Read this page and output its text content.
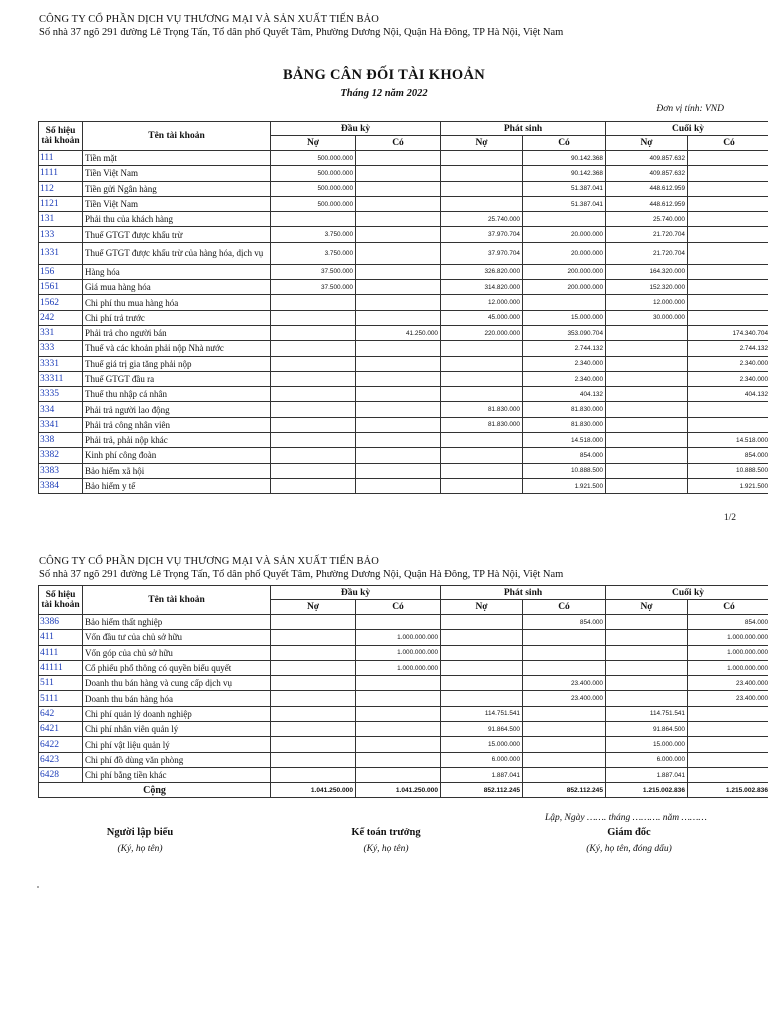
CÔNG TY CỔ PHẦN DỊCH VỤ THƯƠNG MẠI VÀ SẢN XUẤT TIẾN BẢO
Số nhà 37 ngõ 291 đường Lê Trọng Tấn, Tổ dân phố Quyết Tâm, Phường Dương Nội, Quận Hà Đông, TP Hà Nội, Việt Nam
BẢNG CÂN ĐỐI TÀI KHOẢN
Tháng 12 năm 2022
Đơn vị tính: VND
Số hiệu tài khoản	Tên tài khoản	Đầu kỳ		Phát sinh		Cuối kỳ	
		Nợ	Có	Nợ	Có	Nợ	Có
111	Tiền mặt	500.000.000			90.142.368	409.857.632	
1111	Tiền Việt Nam	500.000.000			90.142.368	409.857.632	
112	Tiền gửi Ngân hàng	500.000.000			51.387.041	448.612.959	
1121	Tiền Việt Nam	500.000.000			51.387.041	448.612.959	
131	Phải thu của khách hàng			25.740.000		25.740.000	
133	Thuế GTGT được khấu trừ	3.750.000		37.970.704	20.000.000	21.720.704	
1331	Thuế GTGT được khấu trừ của hàng hóa, dịch vụ	3.750.000		37.970.704	20.000.000	21.720.704	
156	Hàng hóa	37.500.000		326.820.000	200.000.000	164.320.000	
1561	Giá mua hàng hóa	37.500.000		314.820.000	200.000.000	152.320.000	
1562	Chi phí thu mua hàng hóa			12.000.000		12.000.000	
242	Chi phí trả trước			45.000.000	15.000.000	30.000.000	
331	Phải trả cho người bán		41.250.000	220.000.000	353.090.704		174.340.704
333	Thuế và các khoản phải nộp Nhà nước				2.744.132		2.744.132
3331	Thuế giá trị gia tăng phải nộp				2.340.000		2.340.000
33311	Thuế GTGT đầu ra				2.340.000		2.340.000
3335	Thuế thu nhập cá nhân				404.132		404.132
334	Phải trả người lao động			81.830.000	81.830.000		
3341	Phải trả công nhân viên			81.830.000	81.830.000		
338	Phải trả, phải nộp khác				14.518.000		14.518.000
3382	Kinh phí công đoàn				854.000		854.000
3383	Bảo hiểm xã hội				10.888.500		10.888.500
3384	Bảo hiểm y tế				1.921.500		1.921.500
1/2
CÔNG TY CỔ PHẦN DỊCH VỤ THƯƠNG MẠI VÀ SẢN XUẤT TIẾN BẢO
Số nhà 37 ngõ 291 đường Lê Trọng Tấn, Tổ dân phố Quyết Tâm, Phường Dương Nội, Quận Hà Đông, TP Hà Nội, Việt Nam
Số hiệu tài khoản	Tên tài khoản	Đầu kỳ		Phát sinh		Cuối kỳ	
		Nợ	Có	Nợ	Có	Nợ	Có
3386	Bảo hiểm thất nghiệp				854.000		854.000
411	Vốn đầu tư của chủ sở hữu		1.000.000.000				1.000.000.000
4111	Vốn góp của chủ sở hữu		1.000.000.000				1.000.000.000
41111	Cổ phiếu phổ thông có quyền biểu quyết		1.000.000.000				1.000.000.000
511	Doanh thu bán hàng và cung cấp dịch vụ				23.400.000		23.400.000
5111	Doanh thu bán hàng hóa				23.400.000		23.400.000
642	Chi phí quản lý doanh nghiệp			114.751.541		114.751.541	
6421	Chi phí nhân viên quản lý			91.864.500		91.864.500	
6422	Chi phí vật liệu quản lý			15.000.000		15.000.000	
6423	Chi phí đồ dùng văn phòng			6.000.000		6.000.000	
6428	Chi phí bằng tiền khác			1.887.041		1.887.041	
Cộng		1.041.250.000	1.041.250.000	852.112.245	852.112.245	1.215.002.836	1.215.002.836
Lập, Ngày ……. tháng ………. năm ………
Người lập biểu
(Ký, họ tên)
Kế toán trưởng
(Ký, họ tên)
Giám đốc
(Ký, họ tên, đóng dấu)
